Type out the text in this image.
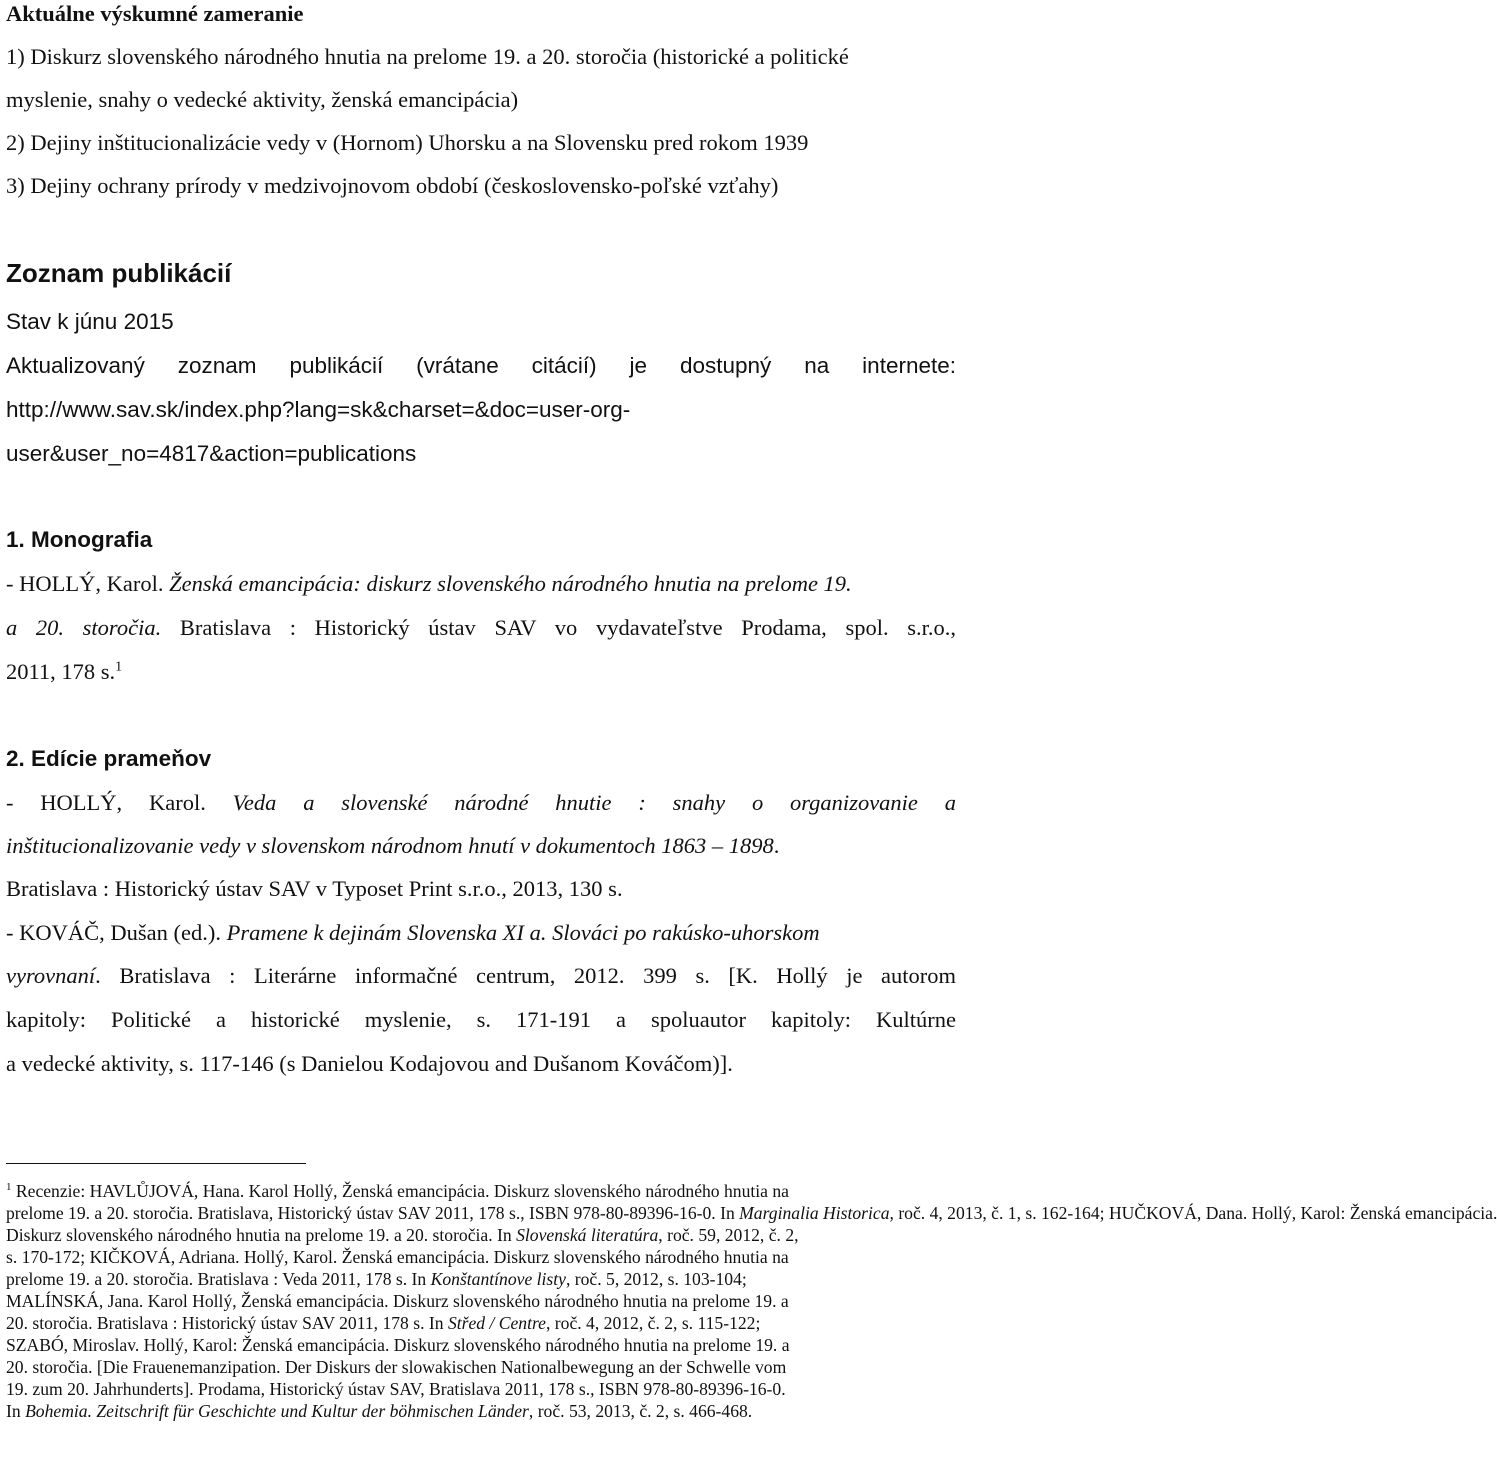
Aktuálne výskumné zameranie
1) Diskurz slovenského národného hnutia na prelome 19. a 20. storočia (historické a politické
myslenie, snahy o vedecké aktivity, ženská emancipácia)
2) Dejiny inštitucionalizácie vedy v (Hornom) Uhorsku a na Slovensku pred rokom 1939
3) Dejiny ochrany prírody v medzivojnovom období (československo-poľské vzťahy)
Zoznam publikácií
Stav k júnu 2015
Aktualizovaný zoznam publikácií (vrátane citácií) je dostupný na internete:
http://www.sav.sk/index.php?lang=sk&charset=&doc=user-org-
user&user_no=4817&action=publications
1. Monografia
- HOLLÝ, Karol. Ženská emancipácia: diskurz slovenského národného hnutia na prelome 19.
a 20. storočia. Bratislava : Historický ústav SAV vo vydavateľstve Prodama, spol. s.r.o.,
2011, 178 s.$^1$
2. Edície prameňov
- HOLLÝ, Karol. Veda a slovenské národné hnutie : snahy o organizovanie a
inštitucionalizovanie vedy v slovenskom národnom hnutí v dokumentoch 1863 – 1898.
Bratislava : Historický ústav SAV v Typoset Print s.r.o., 2013, 130 s.
- KOVÁČ, Dušan (ed.). Pramene k dejinám Slovenska XI a. Slováci po rakúsko-uhorskom
vyrovnaní. Bratislava : Literárne informačné centrum, 2012. 399 s. [K. Hollý je autorom
kapitoly: Politické a historické myslenie, s. 171-191 a spoluautor kapitoly: Kultúrne
a vedecké aktivity, s. 117-146 (s Danielou Kodajovou and Dušanom Kováčom)].
$^1$ Recenzie: HAVLŮJOVÁ, Hana. Karol Hollý, Ženská emancipácia. Diskurz slovenského národného hnutia na
prelome 19. a 20. storočia. Bratislava, Historický ústav SAV 2011, 178 s., ISBN 978-80-89396-16-0. In Marginalia Historica, roč. 4, 2013, č. 1, s. 162-164; HUČKOVÁ, Dana. Hollý, Karol: Ženská emancipácia.
Diskurz slovenského národného hnutia na prelome 19. a 20. storočia. In Slovenská literatúra, roč. 59, 2012, č. 2,
s. 170-172; KIČKOVÁ, Adriana. Hollý, Karol. Ženská emancipácia. Diskurz slovenského národného hnutia na
prelome 19. a 20. storočia. Bratislava : Veda 2011, 178 s. In Konštantínove listy, roč. 5, 2012, s. 103-104;
MALÍNSKÁ, Jana. Karol Hollý, Ženská emancipácia. Diskurz slovenského národného hnutia na prelome 19. a
20. storočia. Bratislava : Historický ústav SAV 2011, 178 s. In Střed / Centre, roč. 4, 2012, č. 2, s. 115-122;
SZABÓ, Miroslav. Hollý, Karol: Ženská emancipácia. Diskurz slovenského národného hnutia na prelome 19. a
20. storočia. [Die Frauenemanzipation. Der Diskurs der slowakischen Nationalbewegung an der Schwelle vom
19. zum 20. Jahrhunderts]. Prodama, Historický ústav SAV, Bratislava 2011, 178 s., ISBN 978-80-89396-16-0.
In Bohemia. Zeitschrift für Geschichte und Kultur der böhmischen Länder, roč. 53, 2013, č. 2, s. 466-468.
